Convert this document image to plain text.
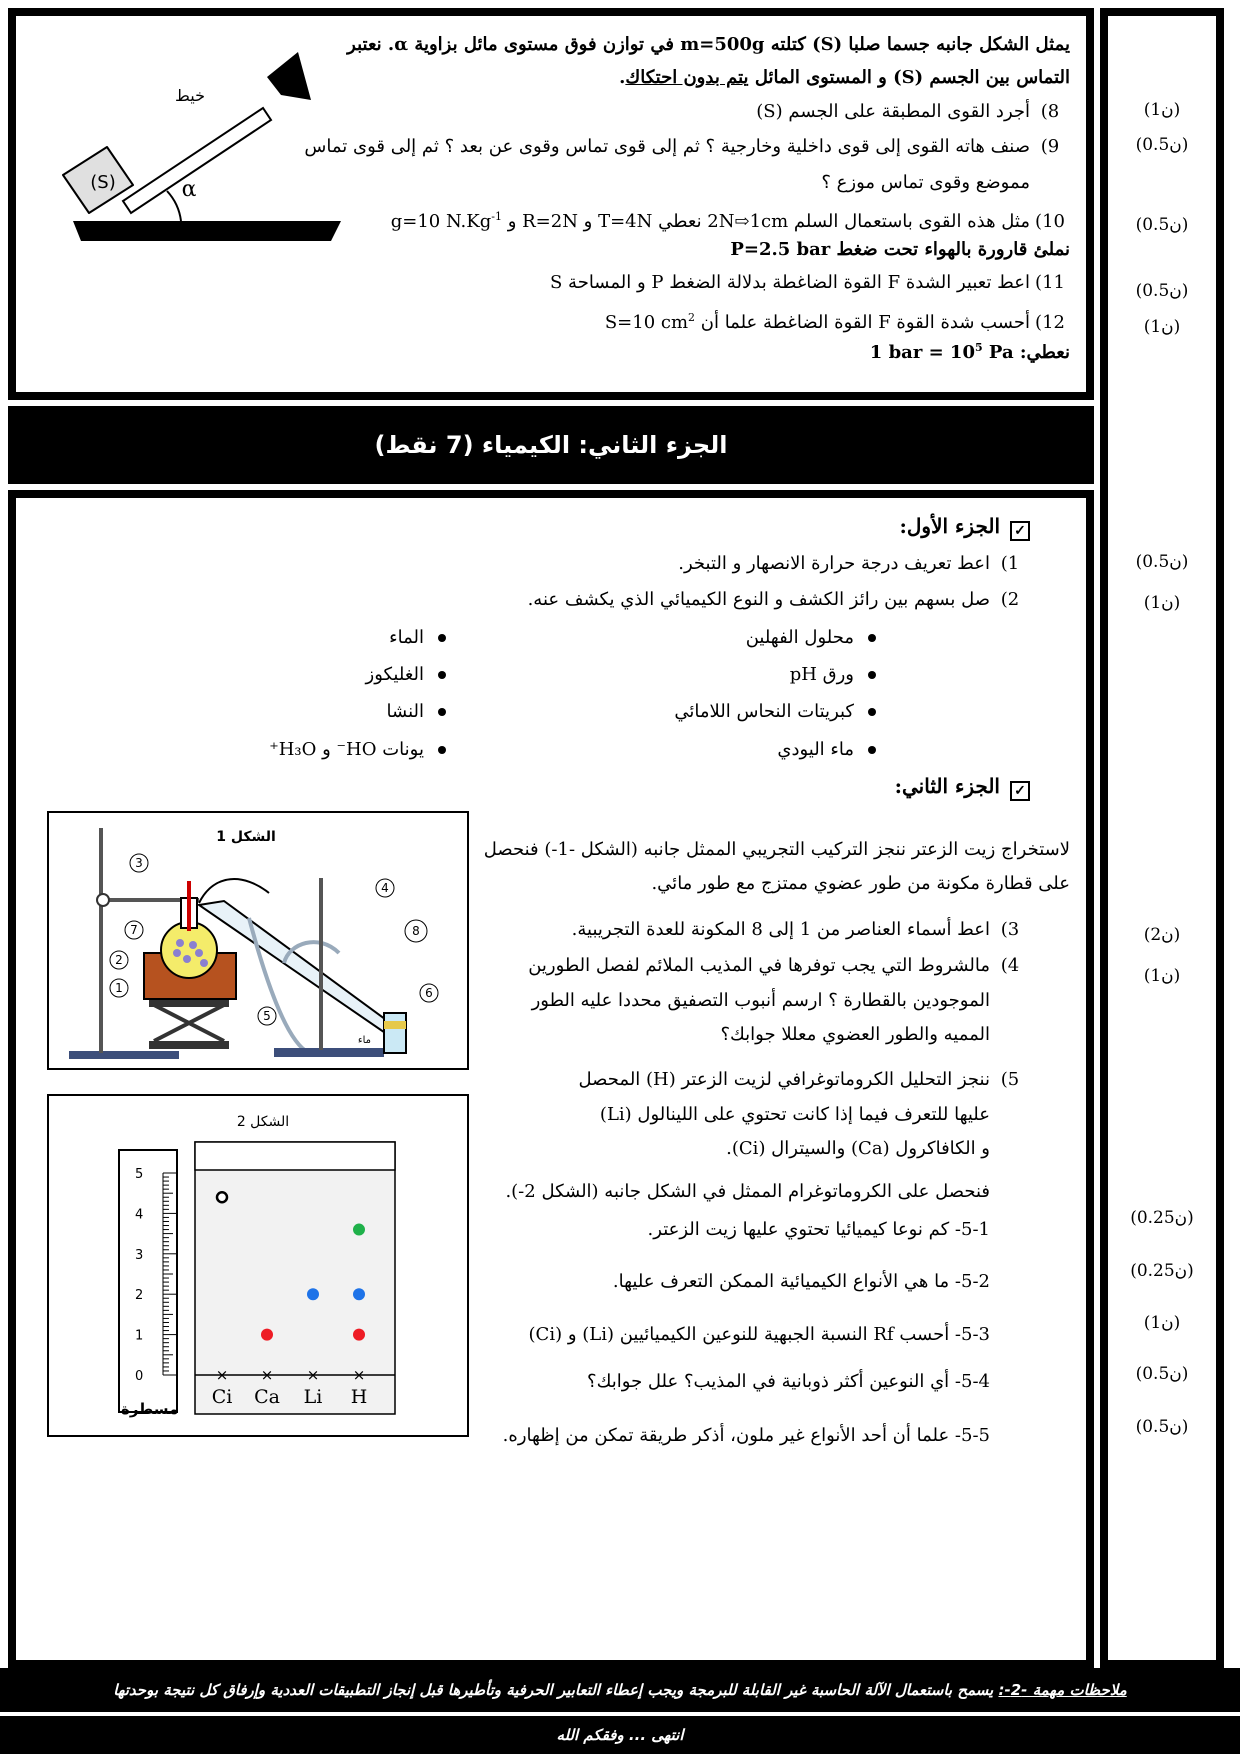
الجزء الثاني: الكيمياء (7 نقط)
(S)
خيط
α
يمثل الشكل جانبه جسما صلبا (S) كتلته m=500g في توازن فوق مستوى مائل بزاوية α. نعتبر
التماس بين الجسم (S) و المستوى المائل يتم بدون احتكاك.
8)أجرد القوى المطبقة على الجسم (S)
9)صنف هاته القوى إلى قوى داخلية وخارجية ؟ ثم إلى قوى تماس وقوى عن بعد ؟ ثم إلى قوى تماس
مموضع وقوى تماس موزع ؟
10)مثل هذه القوى باستعمال السلم 2N⇨1cm نعطي T=4N و R=2N و g=10 $N.Kg^{-1}$
نملئ قارورة بالهواء تحت ضغط P=2.5 bar
11)اعط تعبير الشدة F القوة الضاغطة بدلالة الضغط P و المساحة S
12)أحسب شدة القوة F القوة الضاغطة علما أن S=10 $cm^2$
نعطي: 1 bar = $10^5$ Pa
✓الجزء الأول:
1)اعط تعريف درجة حرارة الانصهار و التبخر.
2)صل بسهم بين رائز الكشف و النوع الكيميائي الذي يكشف عنه.
محلول الفهلين
ورق pH
كبريتات النحاس اللامائي
ماء اليودي
الماء
الغليكوز
النشا
يونات HO⁻ و H₃O⁺
✓الجزء الثاني:
لاستخراج زيت الزعتر ننجز التركيب التجريبي الممثل جانبه (الشكل -1-) فنحصل
على قطارة مكونة من طور عضوي ممتزج مع طور مائي.
3)اعط أسماء العناصر من 1 إلى 8 المكونة للعدة التجريبية.
4)مالشروط التي يجب توفرها في المذيب الملائم لفصل الطورين
الموجودين بالقطارة ؟ ارسم أنبوب التصفيق محددا عليه الطور
المميه والطور العضوي معللا جوابك؟
5)ننجز التحليل الكروماتوغرافي لزيت الزعتر (H) المحصل
عليها للتعرف فيما إذا كانت تحتوي على اللينالول (Li)
و الكافاكرول (Ca) والسيترال (Ci).
فنحصل على الكروماتوغرام الممثل في الشكل جانبه (الشكل 2-).
5-1- كم نوعا كيميائيا تحتوي عليها زيت الزعتر.
5-2- ما هي الأنواع الكيميائية الممكن التعرف عليها.
5-3- أحسب Rf النسبة الجبهية للنوعين الكيميائيين (Li) و (Ci)
5-4- أي النوعين أكثر ذوبانية في المذيب؟ علل جوابك؟
5-5- علما أن أحد الأنواع غير ملون، أذكر طريقة تمكن من إظهاره.
الشكل 1
ماء
1
2
3
4
5
6
7	8
الشكل 2
مسطرة
0
1
2
3
4
5
×
Ci
×
Ca
×
Li
×
H
(1ن)
(0.5ن)
(0.5ن)
(0.5ن)
(1ن)
(0.5ن)
(1ن)
(2ن)
(1ن)
(0.25ن)
(0.25ن)
(1ن)
(0.5ن)
(0.5ن)
ملاحظات مهمة -2-: يسمح باستعمال الآلة الحاسبة غير القابلة للبرمجة ويجب إعطاء التعابير الحرفية وتأطيرها قبل إنجاز التطبيقات العددية وإرفاق كل نتيجة بوحدتها
انتهى ... وفقكم الله
